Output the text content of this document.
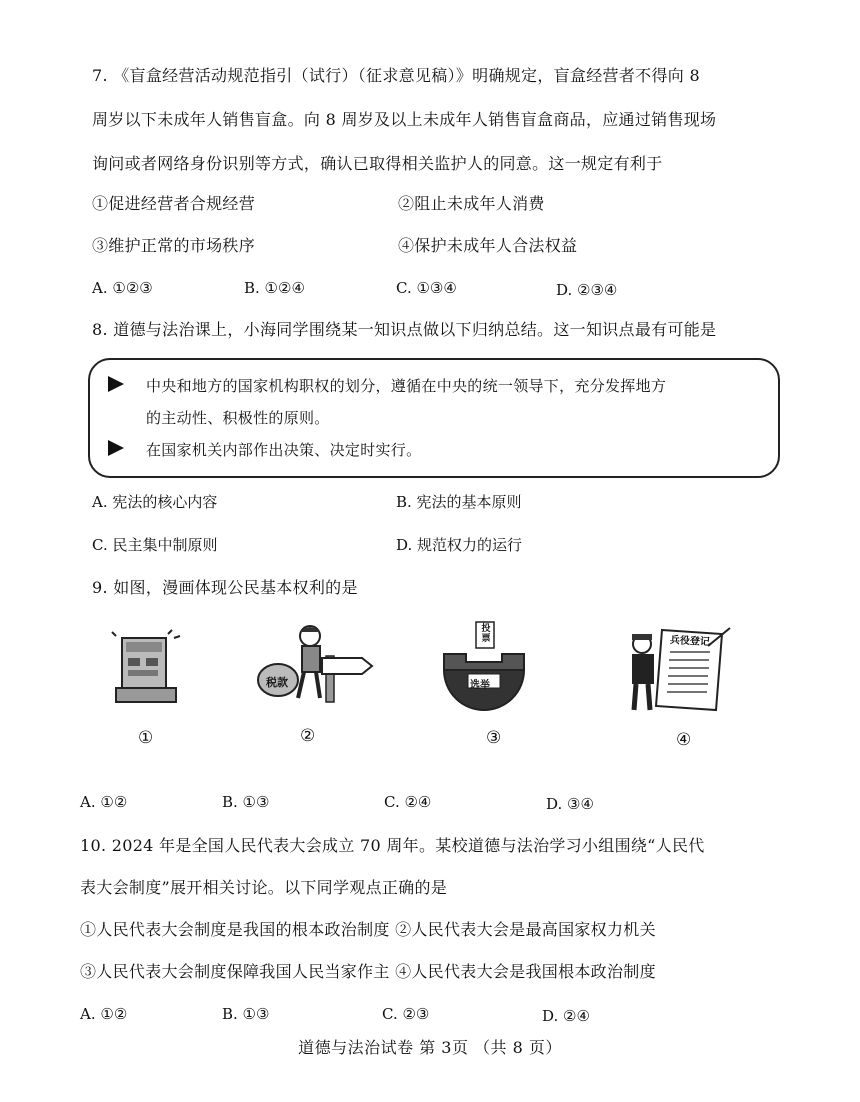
7. 《盲盒经营活动规范指引（试行）（征求意见稿）》明确规定，盲盒经营者不得向 8
周岁以下未成年人销售盲盒。向 8 周岁及以上未成年人销售盲盒商品，应通过销售现场
询问或者网络身份识别等方式，确认已取得相关监护人的同意。这一规定有利于
①促进经营者合规经营	②阻止未成年人消费
③维护正常的市场秩序	④保护未成年人合法权益
A. ①②③	B. ①②④	C. ①③④	D. ②③④
8. 道德与法治课上，小海同学围绕某一知识点做以下归纳总结。这一知识点最有可能是
中央和地方的国家机构职权的划分，遵循在中央的统一领导下，充分发挥地方
的主动性、积极性的原则。
在国家机关内部作出决策、决定时实行。
A. 宪法的核心内容	B. 宪法的基本原则
C. 民主集中制原则	D. 规范权力的运行
9. 如图，漫画体现公民基本权利的是
①
税款
②
投票
选举
③
兵役登记
④
A. ①②	B. ①③	C. ②④	D. ③④
10. 2024 年是全国人民代表大会成立 70 周年。某校道德与法治学习小组围绕“人民代
表大会制度”展开相关讨论。以下同学观点正确的是
①人民代表大会制度是我国的根本政治制度 ②人民代表大会是最高国家权力机关
③人民代表大会制度保障我国人民当家作主 ④人民代表大会是我国根本政治制度
A. ①②	B. ①③	C. ②③	D. ②④
道德与法治试卷 第 3页 （共 8 页）
